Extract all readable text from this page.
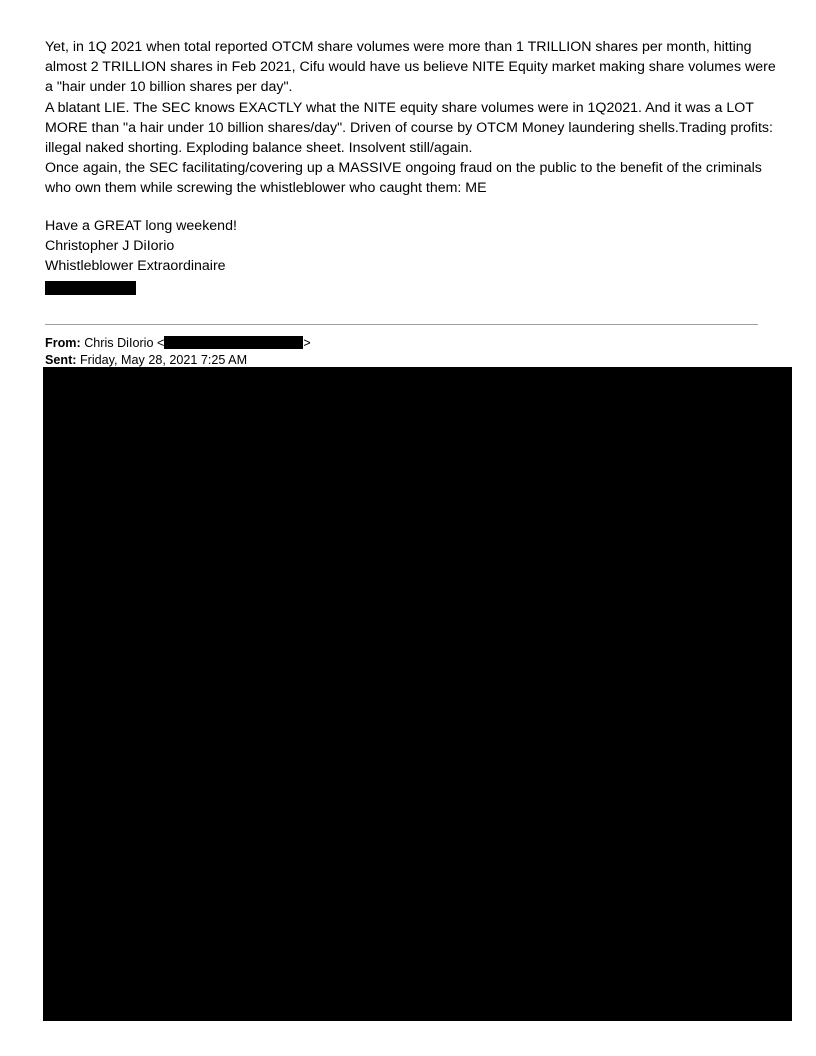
Yet, in 1Q 2021 when total reported OTCM share volumes were more than 1 TRILLION shares per month, hitting almost 2 TRILLION shares in Feb 2021, Cifu would have us believe NITE Equity market making share volumes were a "hair under 10 billion shares per day".

A blatant LIE. The SEC knows EXACTLY what the NITE equity share volumes were in 1Q2021. And it was a LOT MORE than "a hair under 10 billion shares/day". Driven of course by OTCM Money laundering shells.Trading profits: illegal naked shorting. Exploding balance sheet. Insolvent still/again.

Once again, the SEC facilitating/covering up a MASSIVE ongoing fraud on the public to the benefit of the criminals who own them while screwing the whistleblower who caught them: ME

Have a GREAT long weekend!

Christopher J DiIorio

Whistleblower Extraordinaire

From: Chris DiIorio <	>
Sent: Friday, May 28, 2021 7:25 AM
